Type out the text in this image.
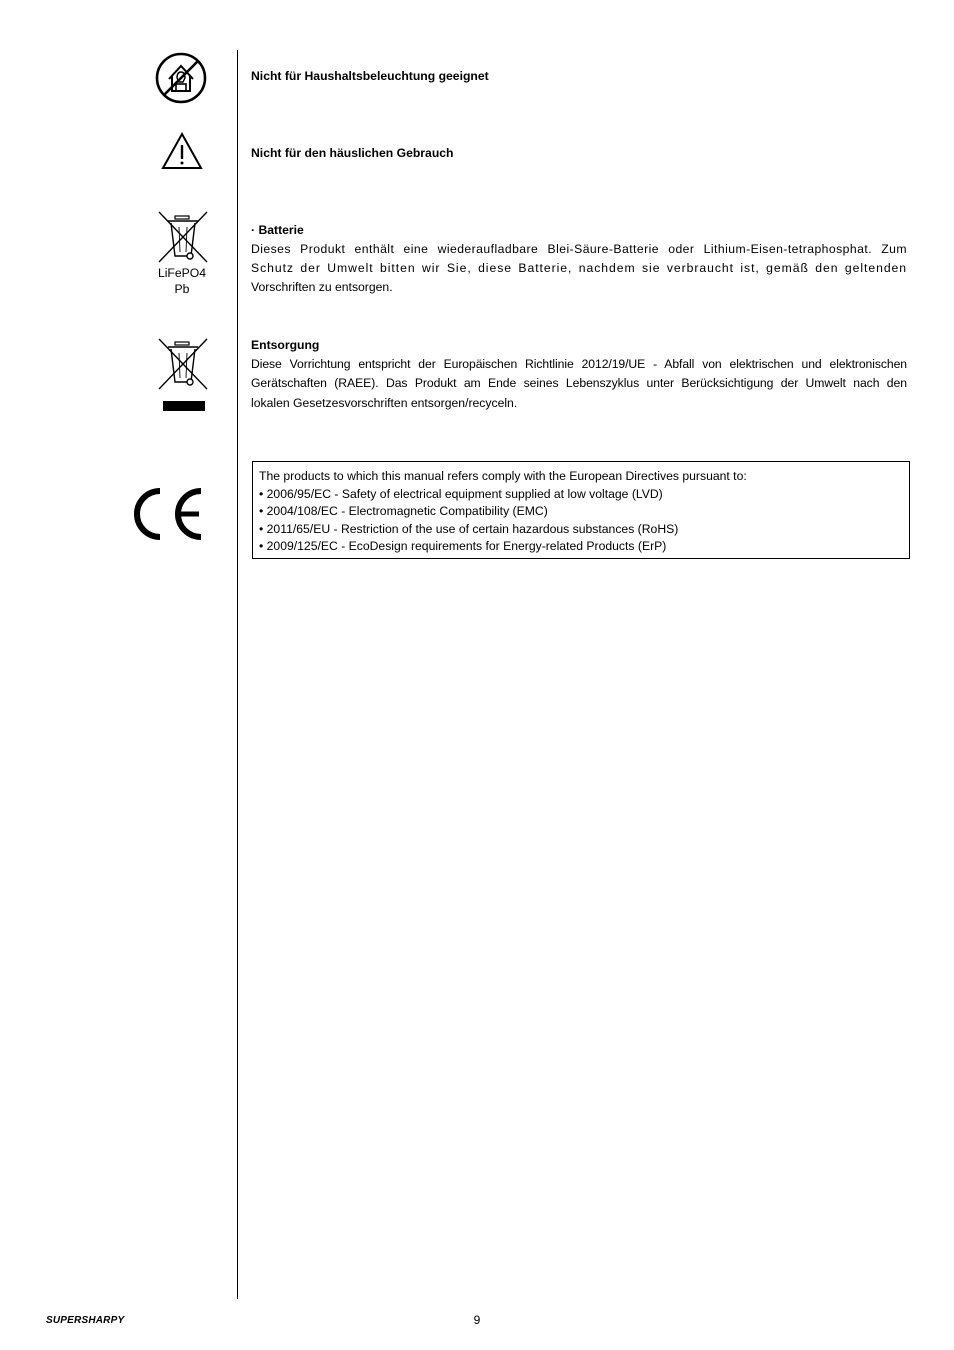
Nicht für Haushaltsbeleuchtung geeignet
Nicht für den häuslichen Gebrauch
LiFePO4
Pb
· Batterie
Dieses Produkt enthält eine wiederaufladbare Blei-Säure-Batterie oder Lithium-Eisen-tetraphosphat. Zum
Schutz der Umwelt bitten wir Sie, diese Batterie, nachdem sie verbraucht ist, gemäß den geltenden
Vorschriften zu entsorgen.
Entsorgung
Diese Vorrichtung entspricht der Europäischen Richtlinie 2012/19/UE - Abfall von elektrischen und elektronischen
Gerätschaften (RAEE). Das Produkt am Ende seines Lebenszyklus unter Berücksichtigung der Umwelt nach den
lokalen Gesetzesvorschriften entsorgen/recyceln.
The products to which this manual refers comply with the European Directives pursuant to:
• 2006/95/EC - Safety of electrical equipment supplied at low voltage (LVD)
• 2004/108/EC - Electromagnetic Compatibility (EMC)
• 2011/65/EU - Restriction of the use of certain hazardous substances (RoHS)
• 2009/125/EC - EcoDesign requirements for Energy-related Products (ErP)
SUPERSHARPY	9
